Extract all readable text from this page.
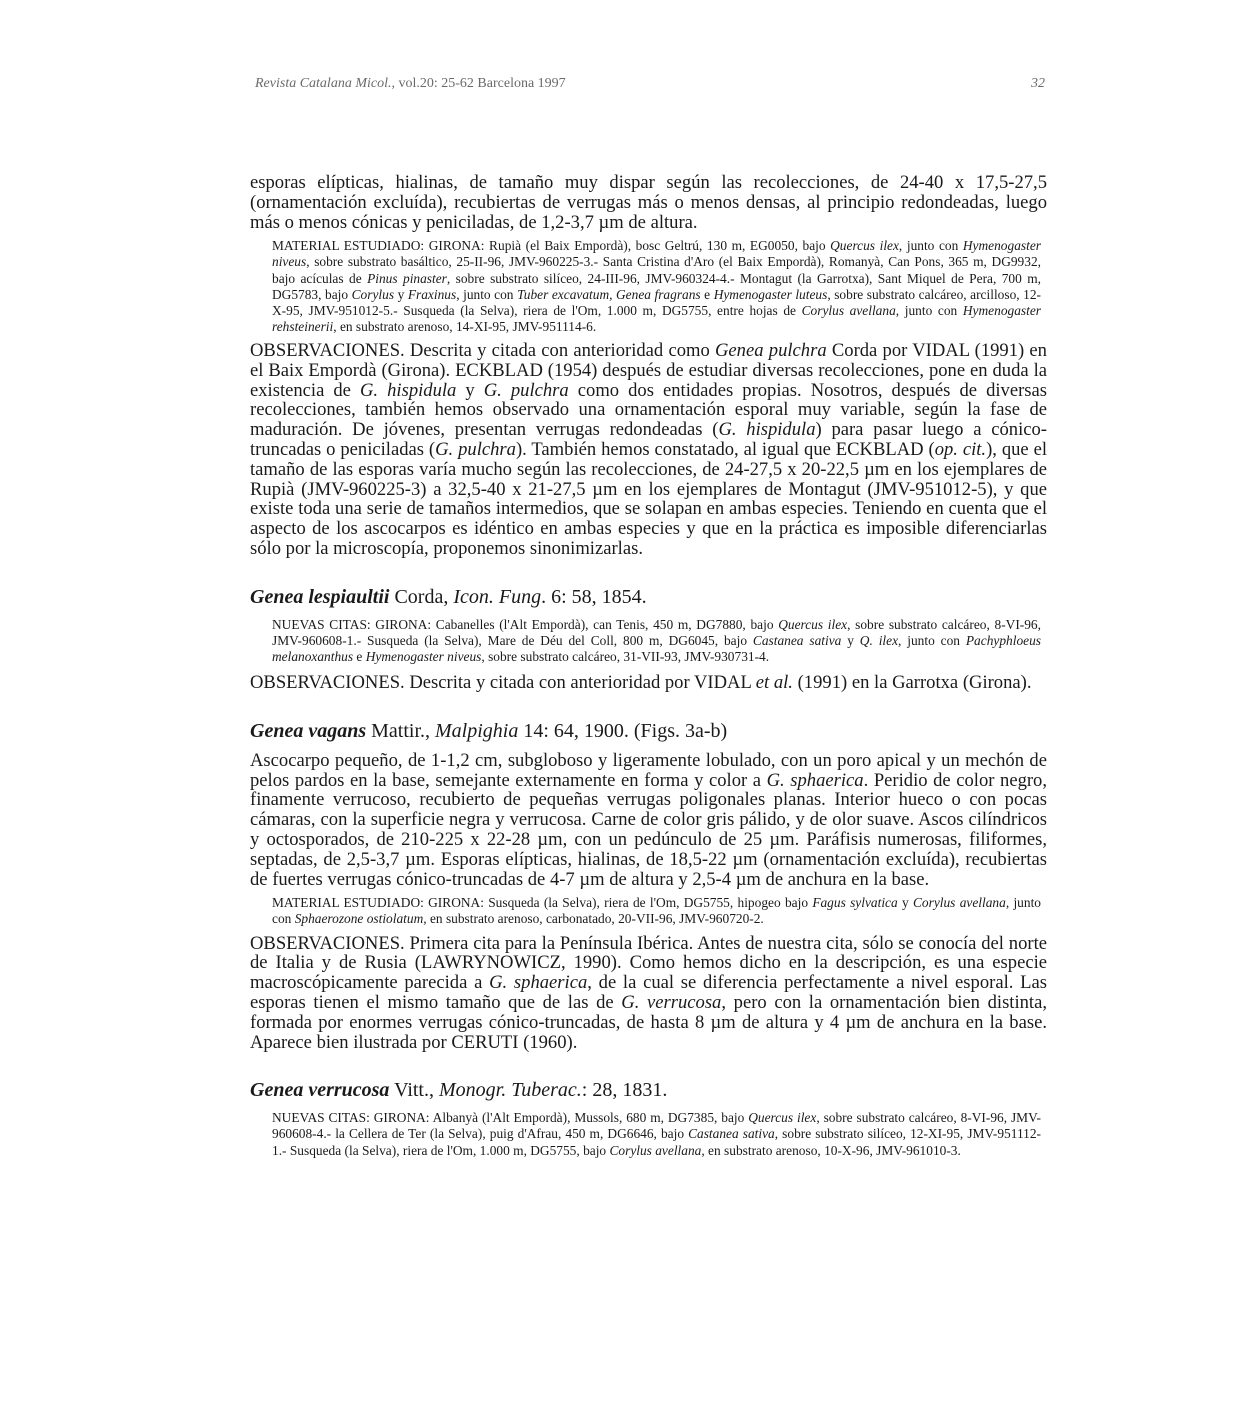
Revista Catalana Micol., vol.20: 25-62 Barcelona 1997	32

esporas elípticas, hialinas, de tamaño muy dispar según las recolecciones, de 24-40 x 17,5-27,5 (ornamentación excluída), recubiertas de verrugas más o menos densas, al principio redondeadas, luego más o menos cónicas y peniciladas, de 1,2-3,7 µm de altura.

MATERIAL ESTUDIADO: GIRONA: Rupià (el Baix Empordà), bosc Geltrú, 130 m, EG0050, bajo Quercus ilex, junto con Hymenogaster niveus, sobre substrato basáltico, 25-II-96, JMV-960225-3.- Santa Cristina d'Aro (el Baix Empordà), Romanyà, Can Pons, 365 m, DG9932, bajo acículas de Pinus pinaster, sobre substrato silíceo, 24-III-96, JMV-960324-4.- Montagut (la Garrotxa), Sant Miquel de Pera, 700 m, DG5783, bajo Corylus y Fraxinus, junto con Tuber excavatum, Genea fragrans e Hymenogaster luteus, sobre substrato calcáreo, arcilloso, 12-X-95, JMV-951012-5.- Susqueda (la Selva), riera de l'Om, 1.000 m, DG5755, entre hojas de Corylus avellana, junto con Hymenogaster rehsteinerii, en substrato arenoso, 14-XI-95, JMV-951114-6.

OBSERVACIONES. Descrita y citada con anterioridad como Genea pulchra Corda por VIDAL (1991) en el Baix Empordà (Girona). ECKBLAD (1954) después de estudiar diversas recolecciones, pone en duda la existencia de G. hispidula y G. pulchra como dos entidades propias. Nosotros, después de diversas recolecciones, también hemos observado una ornamentación esporal muy variable, según la fase de maduración. De jóvenes, presentan verrugas redondeadas (G. hispidula) para pasar luego a cónico-truncadas o peniciladas (G. pulchra). También hemos constatado, al igual que ECKBLAD (op. cit.), que el tamaño de las esporas varía mucho según las recolecciones, de 24-27,5 x 20-22,5 µm en los ejemplares de Rupià (JMV-960225-3) a 32,5-40 x 21-27,5 µm en los ejemplares de Montagut (JMV-951012-5), y que existe toda una serie de tamaños intermedios, que se solapan en ambas especies. Teniendo en cuenta que el aspecto de los ascocarpos es idéntico en ambas especies y que en la práctica es imposible diferenciarlas sólo por la microscopía, proponemos sinonimizarlas.

Genea lespiaultii Corda, Icon. Fung. 6: 58, 1854.

NUEVAS CITAS: GIRONA: Cabanelles (l'Alt Empordà), can Tenis, 450 m, DG7880, bajo Quercus ilex, sobre substrato calcáreo, 8-VI-96, JMV-960608-1.- Susqueda (la Selva), Mare de Déu del Coll, 800 m, DG6045, bajo Castanea sativa y Q. ilex, junto con Pachyphloeus melanoxanthus e Hymenogaster niveus, sobre substrato calcáreo, 31-VII-93, JMV-930731-4.

OBSERVACIONES. Descrita y citada con anterioridad por VIDAL et al. (1991) en la Garrotxa (Girona).

Genea vagans Mattir., Malpighia 14: 64, 1900. (Figs. 3a-b)

Ascocarpo pequeño, de 1-1,2 cm, subgloboso y ligeramente lobulado, con un poro apical y un mechón de pelos pardos en la base, semejante externamente en forma y color a G. sphaerica. Peridio de color negro, finamente verrucoso, recubierto de pequeñas verrugas poligonales planas. Interior hueco o con pocas cámaras, con la superficie negra y verrucosa. Carne de color gris pálido, y de olor suave. Ascos cilíndricos y octosporados, de 210-225 x 22-28 µm, con un pedúnculo de 25 µm. Paráfisis numerosas, filiformes, septadas, de 2,5-3,7 µm. Esporas elípticas, hialinas, de 18,5-22 µm (ornamentación excluída), recubiertas de fuertes verrugas cónico-truncadas de 4-7 µm de altura y 2,5-4 µm de anchura en la base.

MATERIAL ESTUDIADO: GIRONA: Susqueda (la Selva), riera de l'Om, DG5755, hipogeo bajo Fagus sylvatica y Corylus avellana, junto con Sphaerozone ostiolatum, en substrato arenoso, carbonatado, 20-VII-96, JMV-960720-2.

OBSERVACIONES. Primera cita para la Península Ibérica. Antes de nuestra cita, sólo se conocía del norte de Italia y de Rusia (LAWRYNOWICZ, 1990). Como hemos dicho en la descripción, es una especie macroscópicamente parecida a G. sphaerica, de la cual se diferencia perfectamente a nivel esporal. Las esporas tienen el mismo tamaño que de las de G. verrucosa, pero con la ornamentación bien distinta, formada por enormes verrugas cónico-truncadas, de hasta 8 µm de altura y 4 µm de anchura en la base. Aparece bien ilustrada por CERUTI (1960).

Genea verrucosa Vitt., Monogr. Tuberac.: 28, 1831.

NUEVAS CITAS: GIRONA: Albanyà (l'Alt Empordà), Mussols, 680 m, DG7385, bajo Quercus ilex, sobre substrato calcáreo, 8-VI-96, JMV-960608-4.- la Cellera de Ter (la Selva), puig d'Afrau, 450 m, DG6646, bajo Castanea sativa, sobre substrato silíceo, 12-XI-95, JMV-951112-1.- Susqueda (la Selva), riera de l'Om, 1.000 m, DG5755, bajo Corylus avellana, en substrato arenoso, 10-X-96, JMV-961010-3.
